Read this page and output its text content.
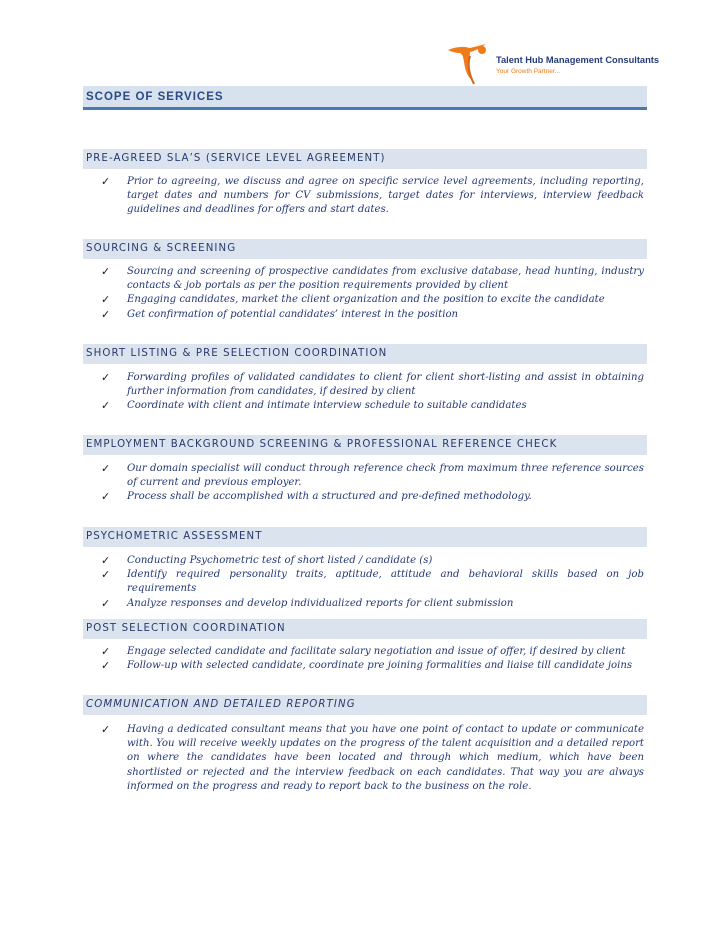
Talent Hub Management Consultants
Your Growth Partner...
SCOPE OF SERVICES
PRE-AGREED SLA’S (SERVICE LEVEL AGREEMENT)
✓ Prior to agreeing, we discuss and agree on specific service level agreements, including reporting, target dates and numbers for CV submissions, target dates for interviews, interview feedback guidelines and deadlines for offers and start dates.
SOURCING & SCREENING
✓ Sourcing and screening of prospective candidates from exclusive database, head hunting, industry contacts & job portals as per the position requirements provided by client
✓ Engaging candidates, market the client organization and the position to excite the candidate
✓ Get confirmation of potential candidates’ interest in the position
SHORT LISTING & PRE SELECTION COORDINATION
✓ Forwarding profiles of validated candidates to client for client short-listing and assist in obtaining further information from candidates, if desired by client
✓ Coordinate with client and intimate interview schedule to suitable candidates
EMPLOYMENT BACKGROUND SCREENING & PROFESSIONAL REFERENCE CHECK
✓ Our domain specialist will conduct through reference check from maximum three reference sources of current and previous employer.
✓ Process shall be accomplished with a structured and pre-defined methodology.
PSYCHOMETRIC ASSESSMENT
✓ Conducting Psychometric test of short listed / candidate (s)
✓ Identify required personality traits, aptitude, attitude and behavioral skills based on job requirements
✓ Analyze responses and develop individualized reports for client submission
POST SELECTION COORDINATION
✓ Engage selected candidate and facilitate salary negotiation and issue of offer, if desired by client
✓ Follow-up with selected candidate, coordinate pre joining formalities and liaise till candidate joins
COMMUNICATION AND DETAILED REPORTING
✓ Having a dedicated consultant means that you have one point of contact to update or communicate with. You will receive weekly updates on the progress of the talent acquisition and a detailed report on where the candidates have been located and through which medium, which have been shortlisted or rejected and the interview feedback on each candidates. That way you are always informed on the progress and ready to report back to the business on the role.
